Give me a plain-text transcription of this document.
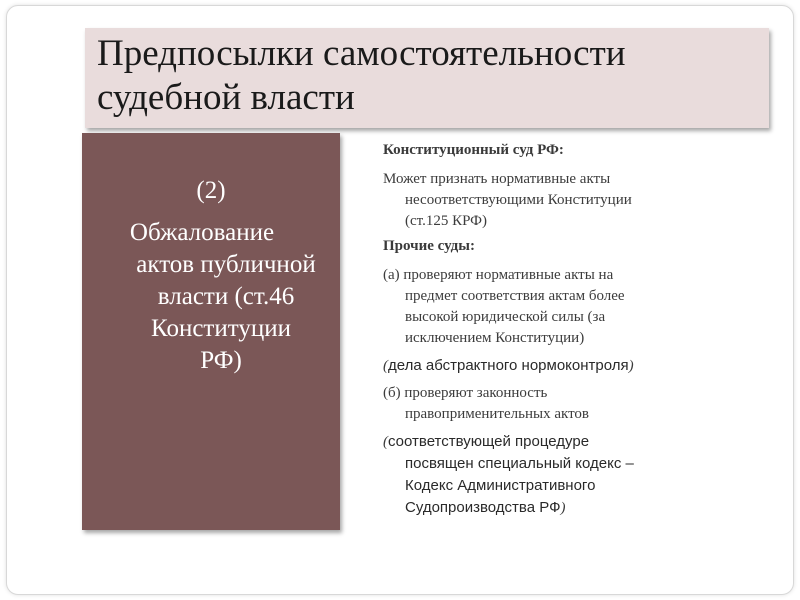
Предпосылки самостоятельности
судебной власти
(2)
Обжалование
актов публичной
власти (ст.46
Конституции
РФ)
Конституционный суд РФ:
Может признать нормативные акты
несоответствующими Конституции
(ст.125 КРФ)
Прочие суды:
(а) проверяют нормативные акты на
предмет соответствия актам более
высокой юридической силы (за
исключением Конституции)
(дела абстрактного нормоконтроля)
(б) проверяют законность
правоприменительных актов
(соответствующей процедуре
посвящен специальный кодекс –
Кодекс Административного
Судопроизводства РФ)
